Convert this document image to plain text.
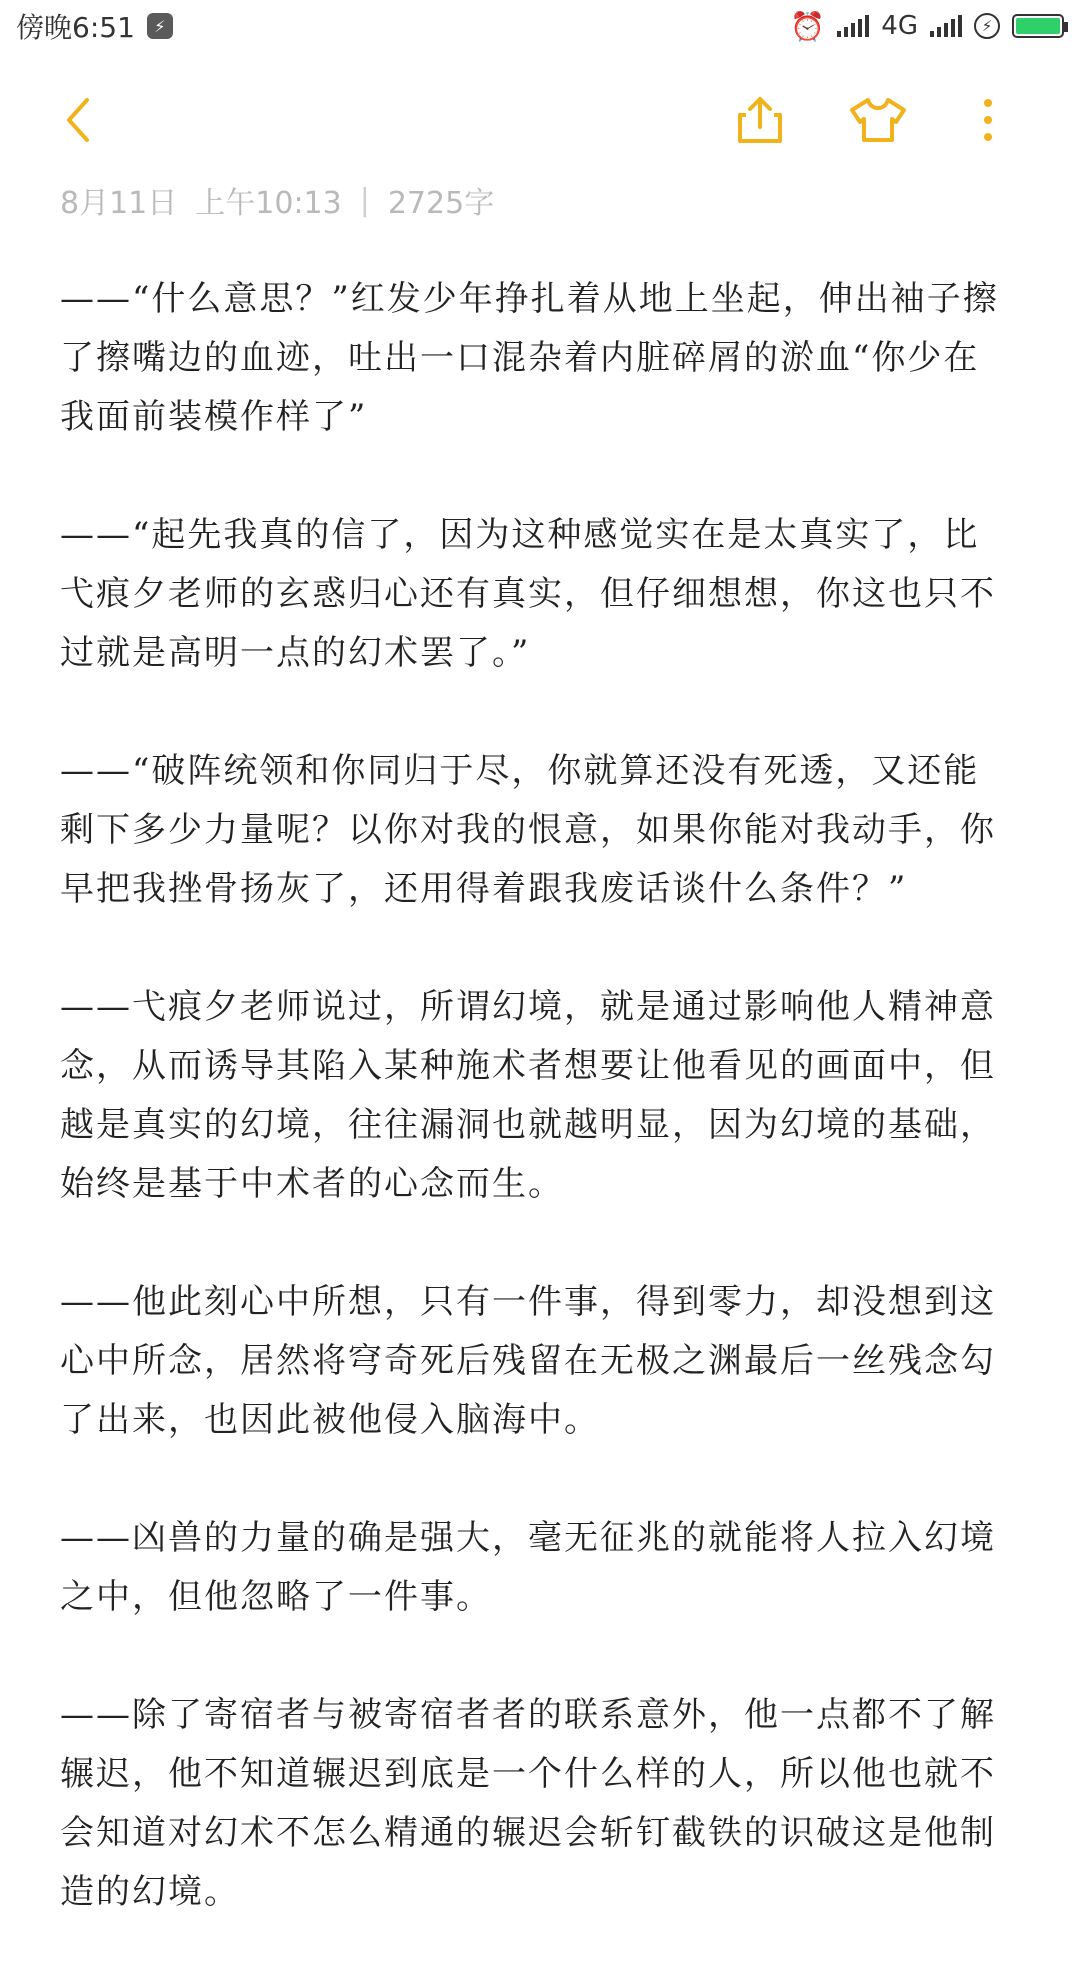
傍晚6:51	⚡	⏰ 4G	⚡
8月11日 上午10:13 | 2725字

——“什么意思？”红发少年挣扎着从地上坐起，伸出袖子擦了擦嘴边的血迹，吐出一口混杂着内脏碎屑的淤血“你少在我面前装模作样了”

——“起先我真的信了，因为这种感觉实在是太真实了，比弋痕夕老师的玄惑归心还有真实，但仔细想想，你这也只不过就是高明一点的幻术罢了。”

——“破阵统领和你同归于尽，你就算还没有死透，又还能剩下多少力量呢？以你对我的恨意，如果你能对我动手，你早把我挫骨扬灰了，还用得着跟我废话谈什么条件？”

——弋痕夕老师说过，所谓幻境，就是通过影响他人精神意念，从而诱导其陷入某种施术者想要让他看见的画面中，但越是真实的幻境，往往漏洞也就越明显，因为幻境的基础，始终是基于中术者的心念而生。

——他此刻心中所想，只有一件事，得到零力，却没想到这心中所念，居然将穹奇死后残留在无极之渊最后一丝残念勾了出来，也因此被他侵入脑海中。

——凶兽的力量的确是强大，毫无征兆的就能将人拉入幻境之中，但他忽略了一件事。

——除了寄宿者与被寄宿者者的联系意外，他一点都不了解辗迟，他不知道辗迟到底是一个什么样的人，所以他也就不会知道对幻术不怎么精通的辗迟会斩钉截铁的识破这是他制造的幻境。
